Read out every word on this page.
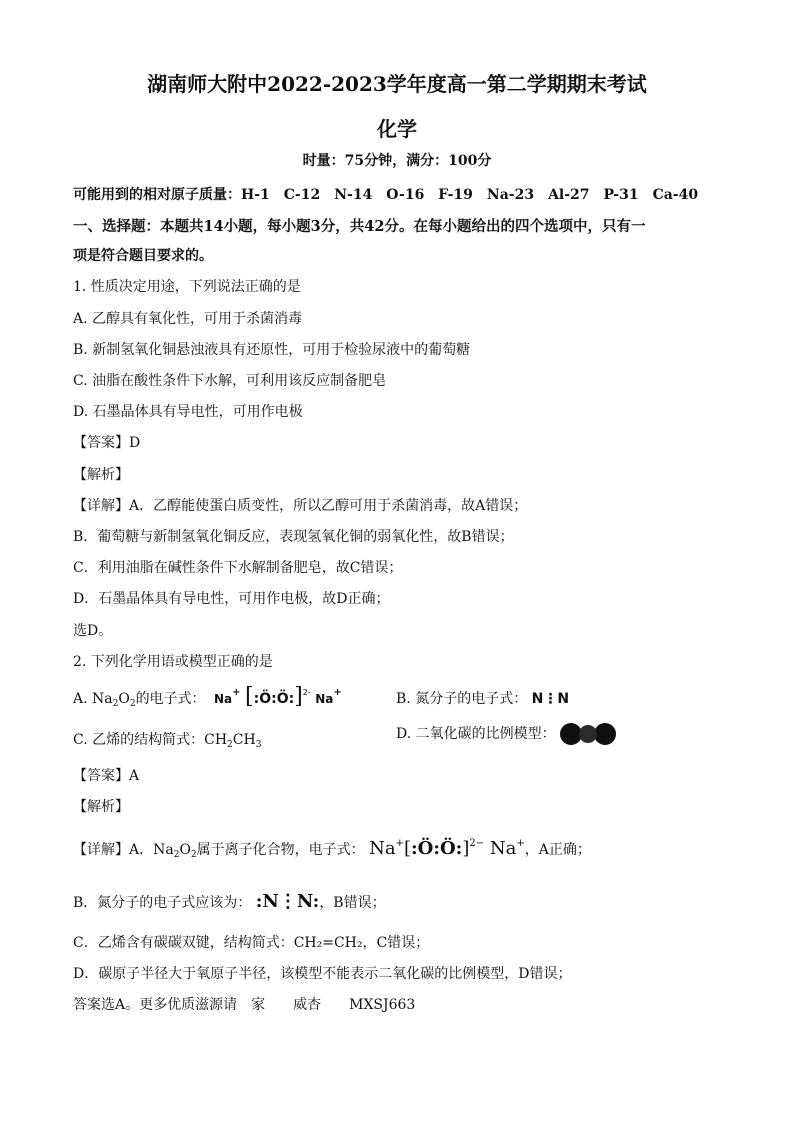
湖南师大附中2022-2023学年度高一第二学期期末考试
化学
时量：75分钟，满分：100分
可能用到的相对原子质量：H-1　C-12　N-14　O-16　F-19　Na-23　Al-27　P-31　Ca-40
一、选择题：本题共14小题，每小题3分，共42分。在每小题给出的四个选项中，只有一
项是符合题目要求的。
1. 性质决定用途，下列说法正确的是
A. 乙醇具有氧化性，可用于杀菌消毒
B. 新制氢氧化铜悬浊液具有还原性，可用于检验尿液中的葡萄糖
C. 油脂在酸性条件下水解，可利用该反应制备肥皂
D. 石墨晶体具有导电性，可用作电极
【答案】D
【解析】
【详解】A．乙醇能使蛋白质变性，所以乙醇可用于杀菌消毒，故A错误；
B．葡萄糖与新制氢氧化铜反应，表现氢氧化铜的弱氧化性，故B错误；
C．利用油脂在碱性条件下水解制备肥皂，故C错误；
D．石墨晶体具有导电性，可用作电极，故D正确；
选D。
2. 下列化学用语或模型正确的是
A. $Na_2O_2$的电子式： Na+ [:Ö:Ö:]$^{2-}$ Na+	B. 氮分子的电子式： N⋮N
C. 乙烯的结构简式：$CH_2CH_3$
D. 二氧化碳的比例模型：
【答案】A
【解析】
【详解】A．$Na_2O_2$属于离子化合物，电子式： Na+[:Ö:Ö:]$^{2-}$ Na+，A正确；
B．氮分子的电子式应该为： :N⋮N:，B错误；
C．乙烯含有碳碳双键，结构简式：CH₂=CH₂，C错误；
D．碳原子半径大于氧原子半径，该模型不能表示二氧化碳的比例模型，D错误；
答案选A。更多优质滋源请　家　　威杏　　MXSJ663
